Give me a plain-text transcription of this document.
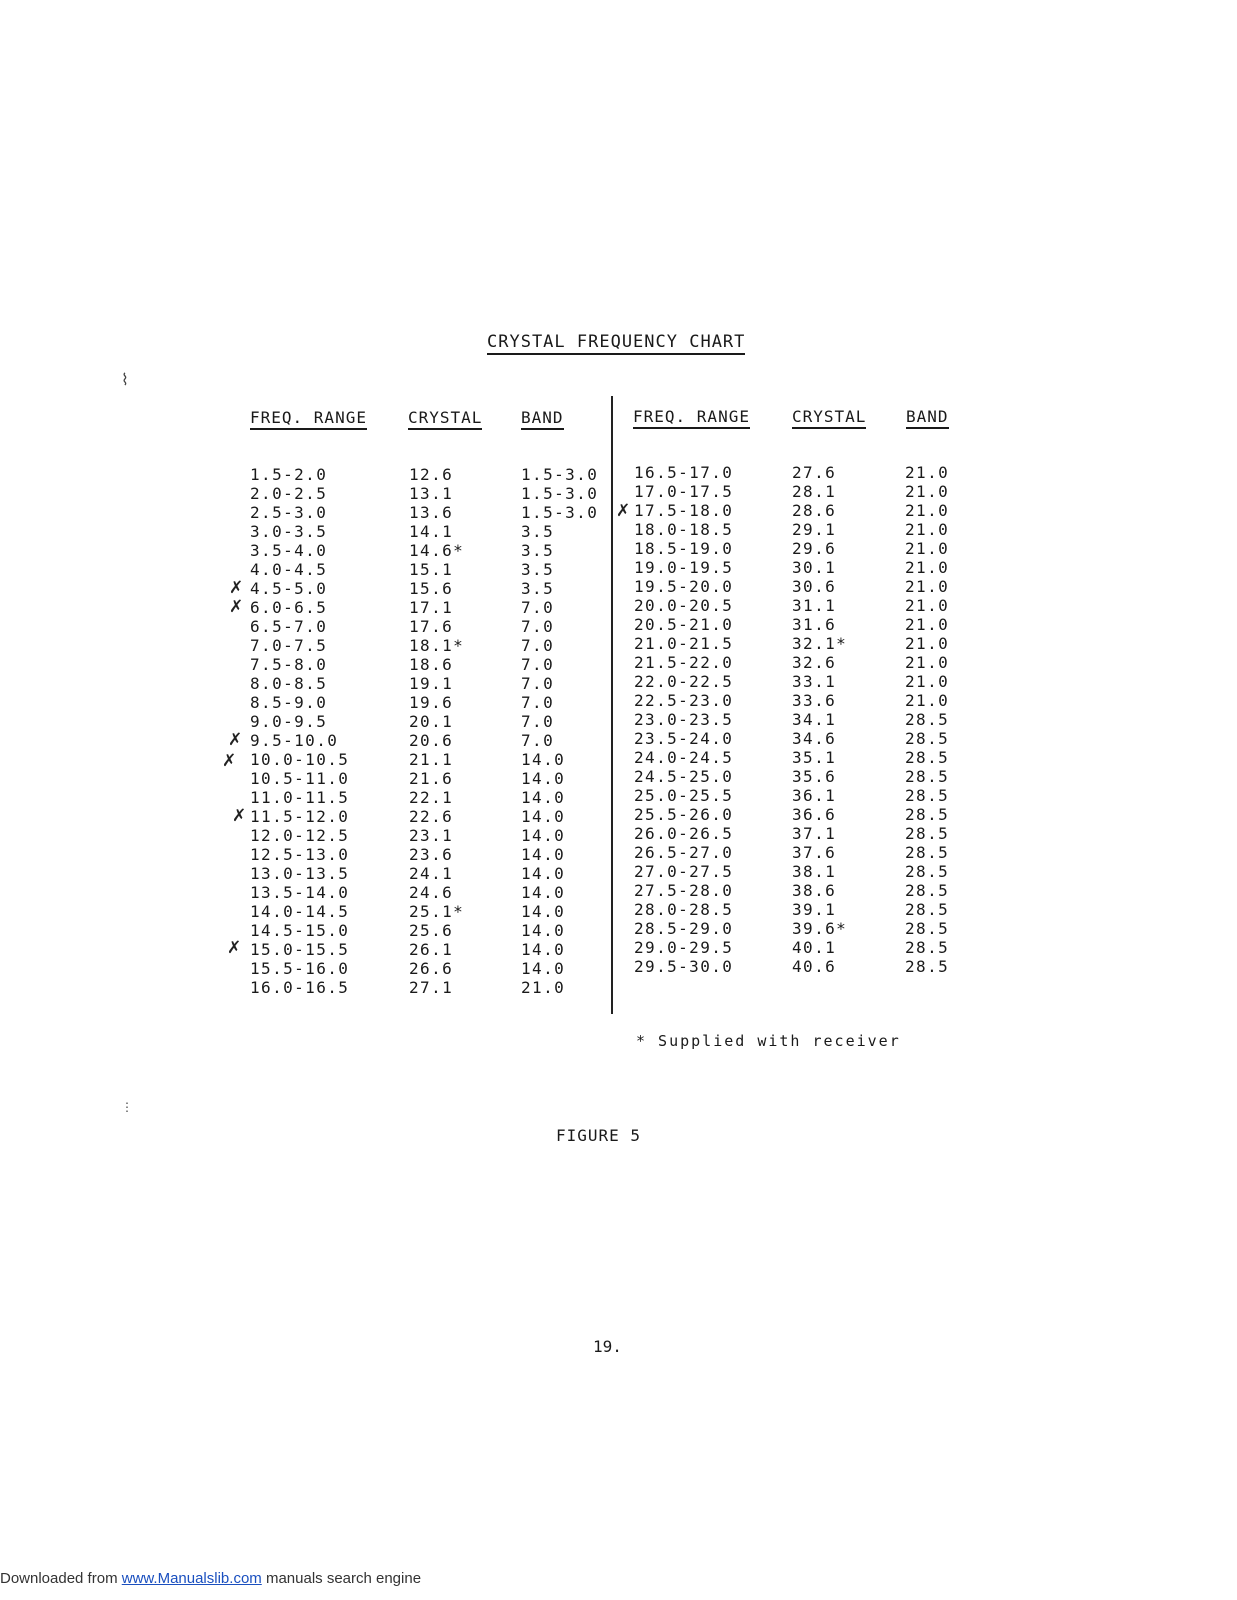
CRYSTAL FREQUENCY CHART
FREQ. RANGE	CRYSTAL BAND	FREQ. RANGE	CRYSTAL BAND
1.5-2.0	12.6	1.5-3.0
2.0-2.5	13.1	1.5-3.0
2.5-3.0	13.6	1.5-3.0
3.0-3.5	14.1	3.5
3.5-4.0	14.6*	3.5
4.0-4.5	15.1	3.5
4.5-5.0	15.6	3.5
6.0-6.5	17.1	7.0
6.5-7.0	17.6	7.0
7.0-7.5	18.1*	7.0
7.5-8.0	18.6	7.0
8.0-8.5	19.1	7.0
8.5-9.0	19.6	7.0
9.0-9.5	20.1	7.0
9.5-10.0	20.6	7.0
10.0-10.5	21.1	14.0
10.5-11.0	21.6	14.0
11.0-11.5	22.1	14.0
11.5-12.0	22.6	14.0
12.0-12.5	23.1	14.0
12.5-13.0	23.6	14.0
13.0-13.5	24.1	14.0
13.5-14.0	24.6	14.0
14.0-14.5	25.1*	14.0
14.5-15.0	25.6	14.0
15.0-15.5	26.1	14.0
15.5-16.0	26.6	14.0
16.0-16.5	27.1	21.0
16.5-17.0	27.6	21.0
17.0-17.5	28.1	21.0
17.5-18.0	28.6	21.0
18.0-18.5	29.1	21.0
18.5-19.0	29.6	21.0
19.0-19.5	30.1	21.0
19.5-20.0	30.6	21.0
20.0-20.5	31.1	21.0
20.5-21.0	31.6	21.0
21.0-21.5	32.1*	21.0
21.5-22.0	32.6	21.0
22.0-22.5	33.1	21.0
22.5-23.0	33.6	21.0
23.0-23.5	34.1	28.5
23.5-24.0	34.6	28.5
24.0-24.5	35.1	28.5
24.5-25.0	35.6	28.5
25.0-25.5	36.1	28.5
25.5-26.0	36.6	28.5
26.0-26.5	37.1	28.5
26.5-27.0	37.6	28.5
27.0-27.5	38.1	28.5
27.5-28.0	38.6	28.5
28.0-28.5	39.1	28.5
28.5-29.0	39.6*	28.5
29.0-29.5	40.1	28.5
29.5-30.0	40.6	28.5
✗
✗
✗
✗
✗
✗
✗
⌇
⋮
* Supplied with receiver
FIGURE 5
19.
Downloaded from www.Manualslib.com manuals search engine
